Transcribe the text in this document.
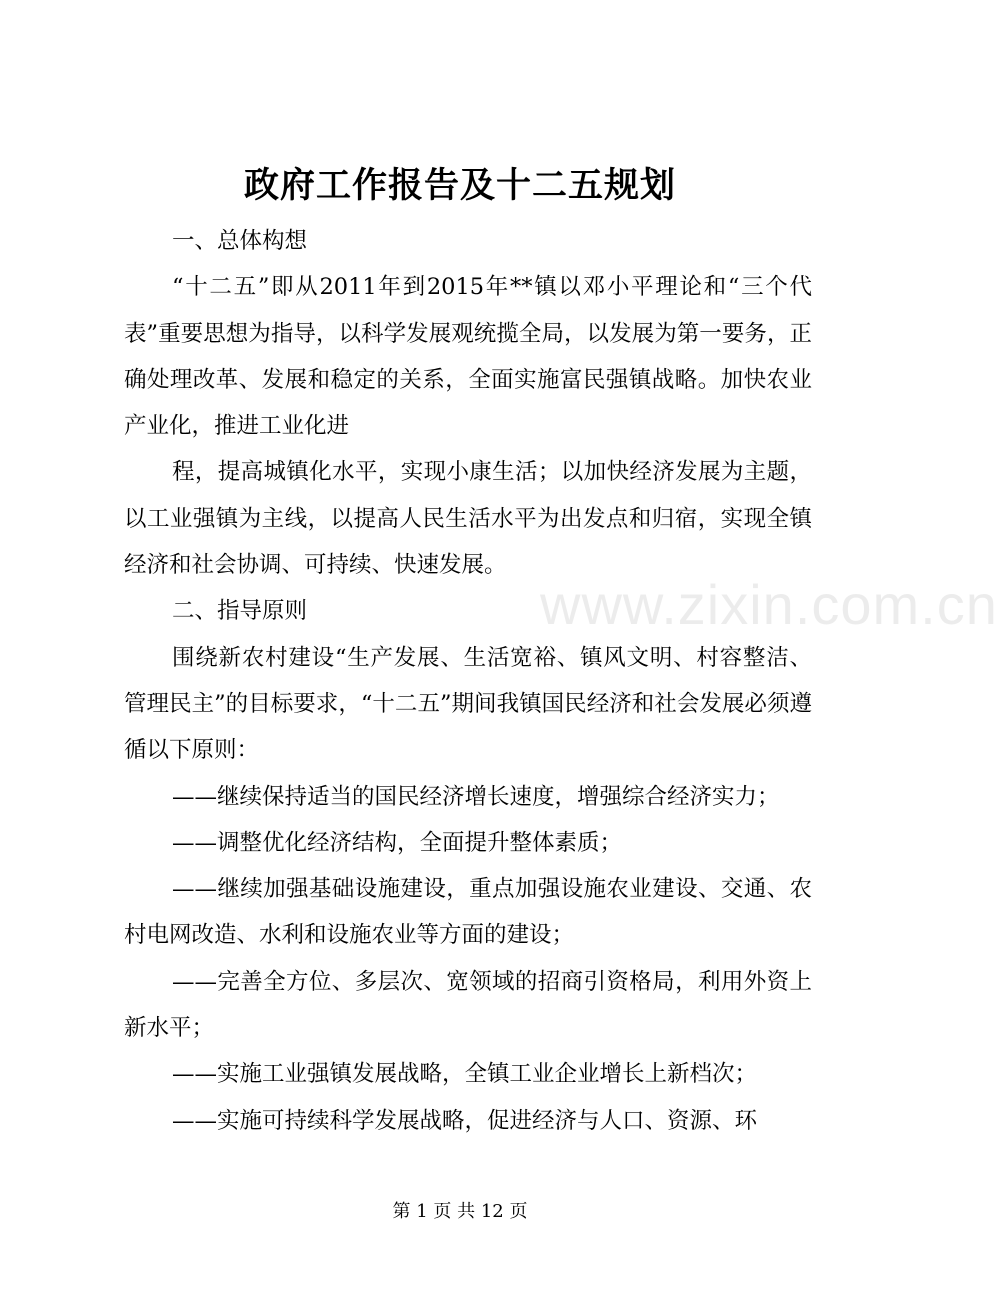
政府工作报告及十二五规划

一、总体构想

“十二五”即从2011年到2015年**镇以邓小平理论和“三个代表”重要思想为指导，以科学发展观统揽全局，以发展为第一要务，正确处理改革、发展和稳定的关系，全面实施富民强镇战略。加快农业产业化，推进工业化进

程，提高城镇化水平，实现小康生活；以加快经济发展为主题，以工业强镇为主线，以提高人民生活水平为出发点和归宿，实现全镇经济和社会协调、可持续、快速发展。

二、指导原则

围绕新农村建设“生产发展、生活宽裕、镇风文明、村容整洁、管理民主”的目标要求，“十二五”期间我镇国民经济和社会发展必须遵循以下原则：

——继续保持适当的国民经济增长速度，增强综合经济实力；

——调整优化经济结构，全面提升整体素质；

——继续加强基础设施建设，重点加强设施农业建设、交通、农村电网改造、水利和设施农业等方面的建设；

——完善全方位、多层次、宽领域的招商引资格局，利用外资上新水平；

——实施工业强镇发展战略，全镇工业企业增长上新档次；

——实施可持续科学发展战略，促进经济与人口、资源、环

www.zixin.com.cn
第 1 页 共 12 页
